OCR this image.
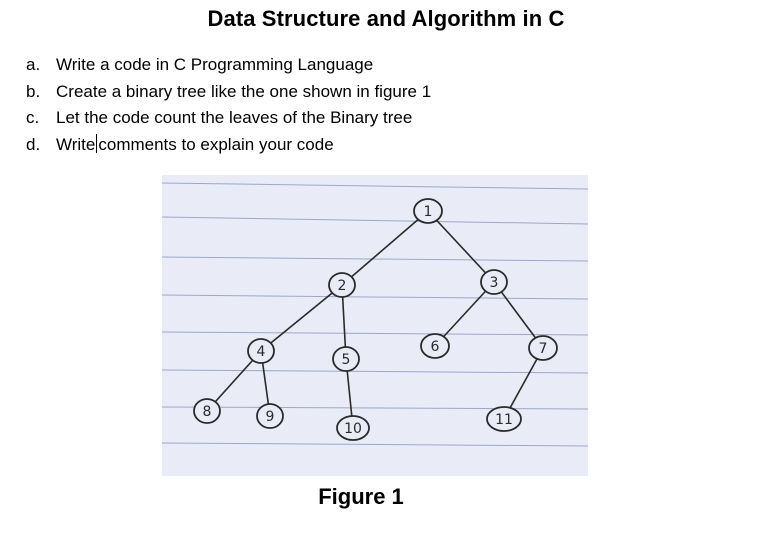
Data Structure and Algorithm in C
a. Write a code in C Programming Language
b. Create a binary tree like the one shown in figure 1
c. Let the code count the leaves of the Binary tree
d. Write comments to explain your code
1
2	3
4	5
6	7
8	9
10
11
Figure 1
